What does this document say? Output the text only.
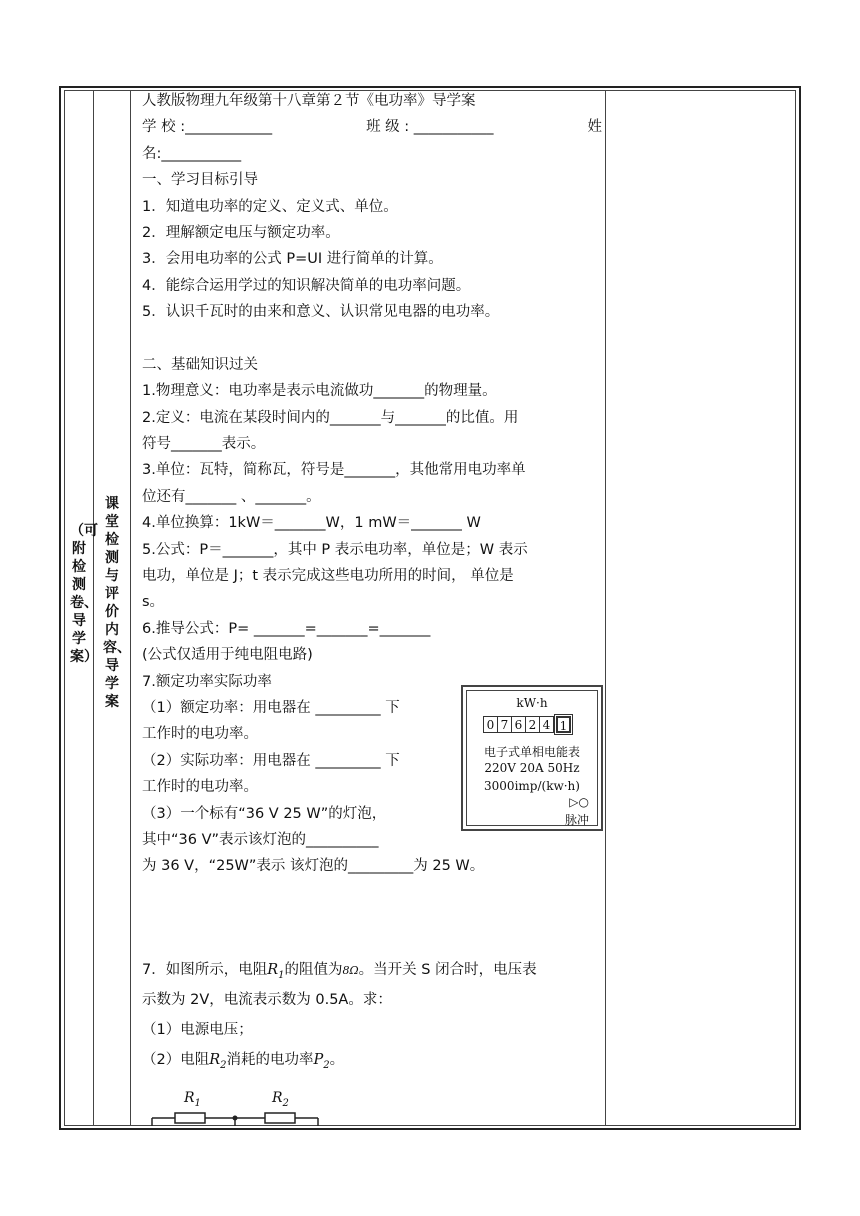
（可附检测卷、导学案）
课堂检测与评价内容、导学案
人教版物理九年级第十八章第２节《电功率》导学案
学 校 :____________	班 级 : ___________	姓
名:___________
一、学习目标引导
1．知道电功率的定义、定义式、单位。
2．理解额定电压与额定功率。
3．会用电功率的公式 P=UI 进行简单的计算。
4．能综合运用学过的知识解决简单的电功率问题。
5．认识千瓦时的由来和意义、认识常见电器的电功率。
二、基础知识过关
1.物理意义：电功率是表示电流做功_______的物理量。
2.定义：电流在某段时间内的_______与_______的比值。用
符号_______表示。
3.单位：瓦特，简称瓦，符号是_______，其他常用电功率单
位还有_______ 、_______。
4.单位换算：1kW＝_______W，1 mW＝_______ W
5.公式：P＝_______，其中 P 表示电功率，单位是；W 表示
电功，单位是 J；t 表示完成这些电功所用的时间， 单位是
s。
6.推导公式：P= _______=_______=_______
(公式仅适用于纯电阻电路)
7.额定功率实际功率
（1）额定功率：用电器在 _________ 下
工作时的电功率。
（2）实际功率：用电器在 _________ 下
工作时的电功率。
（3）一个标有“36 V 25 W”的灯泡，
其中“36 V”表示该灯泡的__________
为 36 V，“25W”表示 该灯泡的_________为 25 W。
7．如图所示，电阻$R_1$的阻值为8Ω。当开关 S 闭合时，电压表
示数为 2V，电流表示数为 0.5A。求：
（1）电源电压；
（2）电阻$R_2$消耗的电功率$P_2$。
kW·h
0 7 6 2 4 1
电子式单相电能表
220V 20A 50Hz
3000imp/(kw·h)
▷○
脉冲
$R_1$	$R_2$
